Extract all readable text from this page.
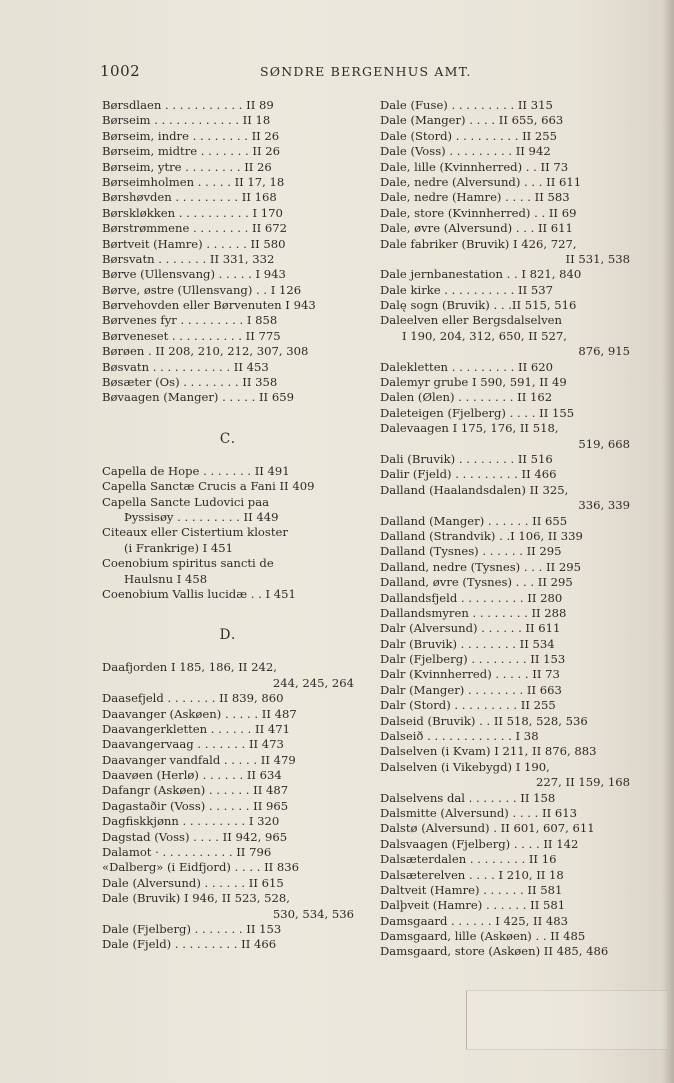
1002	SØNDRE BERGENHUS AMT.
Børsdlaen . . . . . . . . . . . II 89
Børseim . . . . . . . . . . . . II 18
Børseim, indre . . . . . . . . II 26
Børseim, midtre . . . . . . . II 26
Børseim, ytre . . . . . . . . II 26
Børseimholmen . . . . . II 17, 18
Børshøvden . . . . . . . . . II 168
Børskløkken . . . . . . . . . . I 170
Børstrømmene . . . . . . . . II 672
Børtveit (Hamre) . . . . . . II 580
Børsvatn . . . . . . . II 331, 332
Børve (Ullensvang) . . . . . I 943
Børve, østre (Ullensvang) . . I 126
Børvehovden eller Børvenuten I 943
Børvenes fyr . . . . . . . . . I 858
Børveneset . . . . . . . . . . II 775
Børøen . II 208, 210, 212, 307, 308
Bøsvatn . . . . . . . . . . . II 453
Bøsæter (Os) . . . . . . . . II 358
Bøvaagen (Manger) . . . . . II 659
C.
Capella de Hope . . . . . . . II 491
Capella Sanctæ Crucis a Fani II 409
Capella Sancte Ludovici paa
Þyssisøy . . . . . . . . . II 449
Citeaux eller Cistertium kloster
(i Frankrige) I 451
Coenobium spiritus sancti de
Haulsnu I 458
Coenobium Vallis lucidæ . . I 451
D.
Daafjorden I 185, 186, II 242,
244, 245, 264
Daasefjeld . . . . . . . II 839, 860
Daavanger (Askøen) . . . . . II 487
Daavangerkletten . . . . . . II 471
Daavangervaag . . . . . . . II 473
Daavanger vandfald . . . . . II 479
Daavøen (Herlø) . . . . . . II 634
Dafangr (Askøen) . . . . . . II 487
Dagastaðir (Voss) . . . . . . II 965
Dagfiskkjønn . . . . . . . . . I 320
Dagstad (Voss) . . . . II 942, 965
Dalamot · . . . . . . . . . . II 796
«Dalberg» (i Eidfjord) . . . . II 836
Dale (Alversund) . . . . . . II 615
Dale (Bruvik) I 946, II 523, 528,
530, 534, 536
Dale (Fjelberg) . . . . . . . II 153
Dale (Fjeld) . . . . . . . . . II 466
Dale (Fuse) . . . . . . . . . II 315
Dale (Manger) . . . . II 655, 663
Dale (Stord) . . . . . . . . . II 255
Dale (Voss) . . . . . . . . . II 942
Dale, lille (Kvinnherred) . . II 73
Dale, nedre (Alversund) . . . II 611
Dale, nedre (Hamre) . . . . II 583
Dale, store (Kvinnherred) . . II 69
Dale, øvre (Alversund) . . . II 611
Dale fabriker (Bruvik) I 426, 727,
II 531, 538
Dale jernbanestation . . I 821, 840
Dale kirke . . . . . . . . . . II 537
Dalę sogn (Bruvik) . . .II 515, 516
Daleelven eller Bergsdalselven
I 190, 204, 312, 650, II 527,
876, 915
Dalekletten . . . . . . . . . II 620
Dalemyr grube I 590, 591, II 49
Dalen (Ølen) . . . . . . . . II 162
Daleteigen (Fjelberg) . . . . II 155
Dalevaagen I 175, 176, II 518,
519, 668
Dali (Bruvik) . . . . . . . . II 516
Dalir (Fjeld) . . . . . . . . . II 466
Dalland (Haalandsdalen) II 325,
336, 339
Dalland (Manger) . . . . . . II 655
Dalland (Strandvik) . .I 106, II 339
Dalland (Tysnes) . . . . . . II 295
Dalland, nedre (Tysnes) . . . II 295
Dalland, øvre (Tysnes) . . . II 295
Dallandsfjeld . . . . . . . . . II 280
Dallandsmyren . . . . . . . . II 288
Dalr (Alversund) . . . . . . II 611
Dalr (Bruvik) . . . . . . . . II 534
Dalr (Fjelberg) . . . . . . . . II 153
Dalr (Kvinnherred) . . . . . II 73
Dalr (Manger) . . . . . . . . II 663
Dalr (Stord) . . . . . . . . . II 255
Dalseid (Bruvik) . . II 518, 528, 536
Dalseið . . . . . . . . . . . . I 38
Dalselven (i Kvam) I 211, II 876, 883
Dalselven (i Vikebygd) I 190,
227, II 159, 168
Dalselvens dal . . . . . . . II 158
Dalsmitte (Alversund) . . . . II 613
Dalstø (Alversund) . II 601, 607, 611
Dalsvaagen (Fjelberg) . . . . II 142
Dalsæterdalen . . . . . . . . II 16
Dalsæterelven . . . . I 210, II 18
Daltveit (Hamre) . . . . . . II 581
Dalþveit (Hamre) . . . . . . II 581
Damsgaard . . . . . . I 425, II 483
Damsgaard, lille (Askøen) . . II 485
Damsgaard, store (Askøen) II 485, 486
